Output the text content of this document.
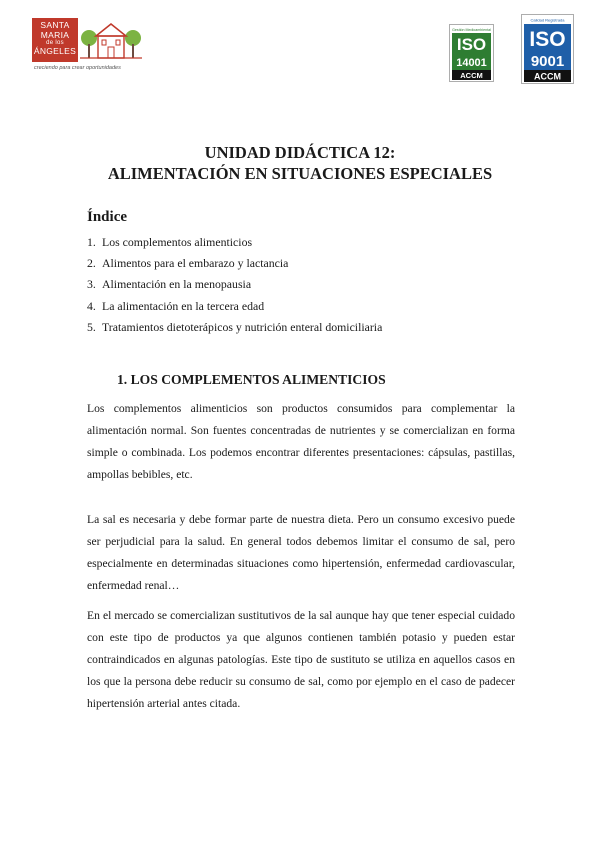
SANTA
MARIA
de los
ÁNGELES
creciendo para crear oportunidades
Gestión Medioambiental
ISO
14001
ACCM
Calidad Registrada
ISO
9001
ACCM
UNIDAD DIDÁCTICA 12:
ALIMENTACIÓN EN SITUACIONES ESPECIALES
Índice
1. Los complementos alimenticios
2. Alimentos para el embarazo y lactancia
3. Alimentación en la menopausia
4. La alimentación en la tercera edad
5. Tratamientos dietoterápicos y nutrición enteral domiciliaria
1. LOS COMPLEMENTOS ALIMENTICIOS

Los complementos alimenticios son productos consumidos para complementar la alimentación normal. Son fuentes concentradas de nutrientes y se comercializan en forma simple o combinada. Los podemos encontrar diferentes presentaciones: cápsulas, pastillas, ampollas bebibles, etc.

La sal es necesaria y debe formar parte de nuestra dieta. Pero un consumo excesivo puede ser perjudicial para la salud. En general todos debemos limitar el consumo de sal, pero especialmente en determinadas situaciones como hipertensión, enfermedad cardiovascular, enfermedad renal…

En el mercado se comercializan sustitutivos de la sal aunque hay que tener especial cuidado con este tipo de productos ya que algunos contienen también potasio y pueden estar contraindicados en algunas patologías. Este tipo de sustituto se utiliza en aquellos casos en los que la persona debe reducir su consumo de sal, como por ejemplo en el caso de padecer hipertensión arterial antes citada.
